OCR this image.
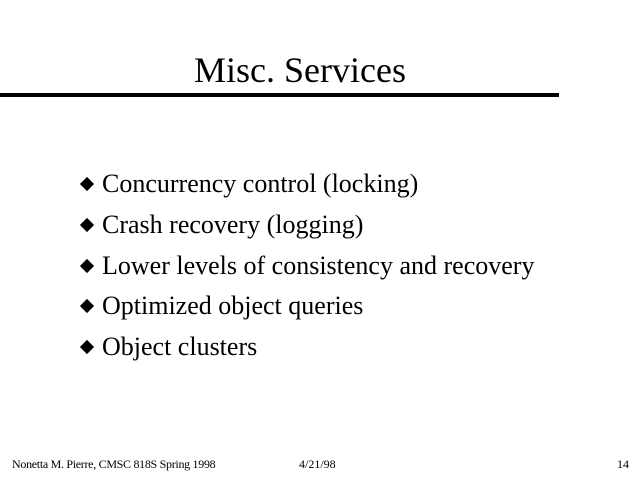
Misc. Services
Concurrency control (locking)
Crash recovery (logging)
Lower levels of consistency and recovery
Optimized object queries
Object clusters
Nonetta M. Pierre, CMSC 818S Spring 1998	4/21/98	14
